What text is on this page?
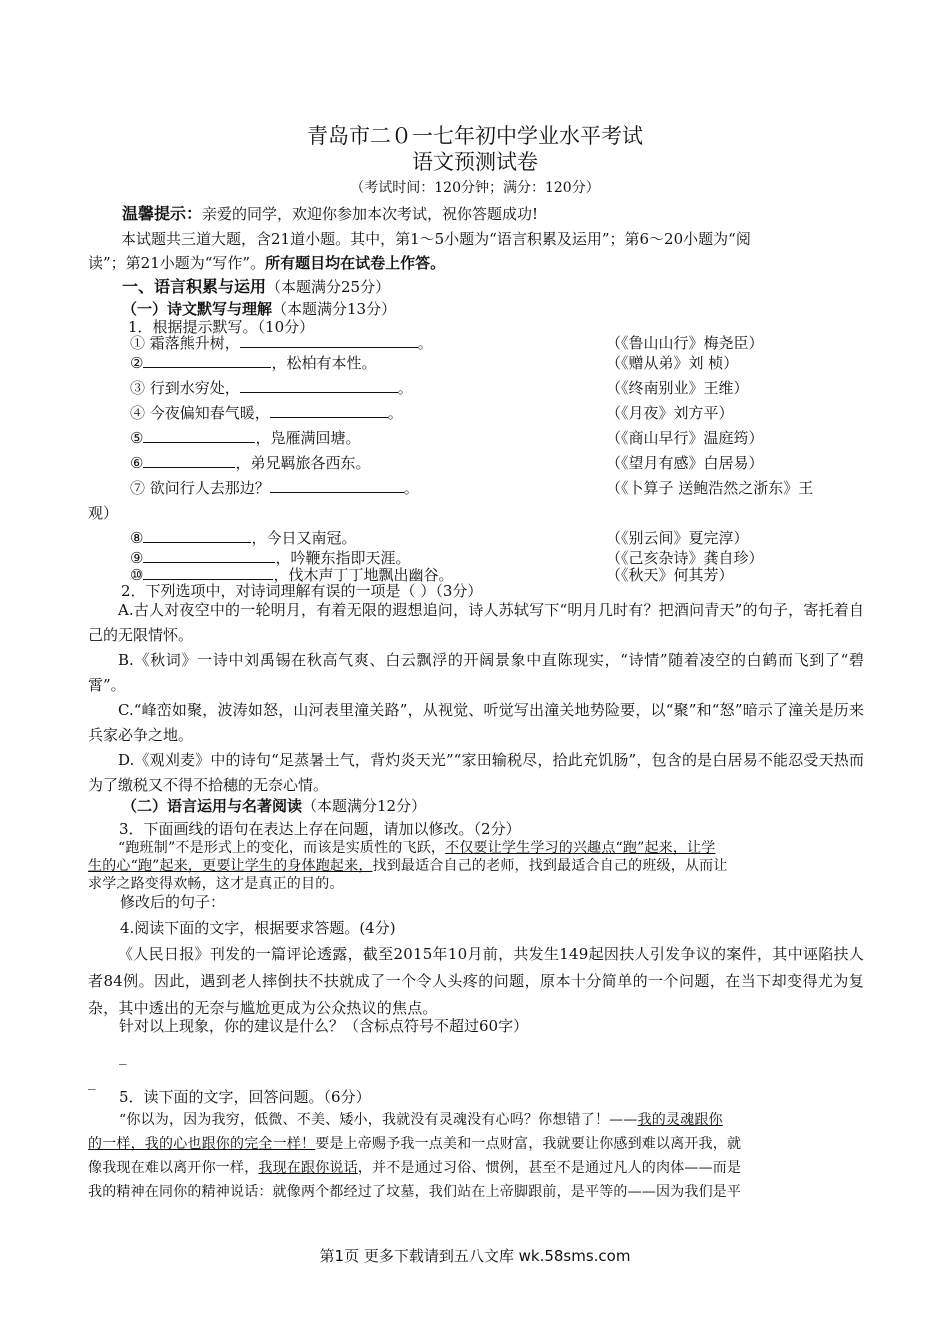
青岛市二０一七年初中学业水平考试
语文预测试卷
（考试时间：120分钟；满分：120分）
温馨提示：亲爱的同学，欢迎你参加本次考试，祝你答题成功!
本试题共三道大题，含21道小题。其中，第1～5小题为“语言积累及运用”；第6～20小题为“阅
读”；第21小题为“写作”。所有题目均在试卷上作答。
一、语言积累与运用（本题满分25分）
（一）诗文默写与理解（本题满分13分）
1．根据提示默写。（10分）
① 霜落熊升树，	。	（《鲁山山行》梅尧臣）
②	，松柏有本性。	（《赠从弟》刘 桢）
③ 行到水穷处，	。	（《终南别业》王维）
④ 今夜偏知春气暖，	。	（《月夜》刘方平）
⑤	，凫雁满回塘。	（《商山早行》温庭筠）
⑥	，弟兄羁旅各西东。	（《望月有感》白居易）
⑦ 欲问行人去那边？	。	（《卜算子 送鲍浩然之浙东》王
观）
⑧	，今日又南冠。	（《别云间》夏完淳）
⑨	，吟鞭东指即天涯。	（《己亥杂诗》龚自珍）
⑩	，伐木声丁丁地飘出幽谷。	（《秋天》何其芳）
2．下列选项中，对诗词理解有误的一项是（ ）（3分）

A.古人对夜空中的一轮明月，有着无限的遐想追问，诗人苏轼写下“明月几时有？把酒问青天”的句子，寄托着自己的无限情怀。

B.《秋词》一诗中刘禹锡在秋高气爽、白云飘浮的开阔景象中直陈现实，“诗情”随着凌空的白鹤而飞到了“碧霄”。

C.“峰峦如聚，波涛如怒，山河表里潼关路”，从视觉、听觉写出潼关地势险要，以“聚”和“怒”暗示了潼关是历来兵家必争之地。

D.《观刈麦》中的诗句“足蒸暑土气，背灼炎天光”“家田输税尽，拾此充饥肠”，包含的是白居易不能忍受天热而为了缴税又不得不拾穗的无奈心情。

（二）语言运用与名著阅读（本题满分12分）
3．下面画线的语句在表达上存在问题，请加以修改。（2分）
“跑班制”不是形式上的变化，而该是实质性的飞跃，不仅要让学生学习的兴趣点“跑”起来，让学
生的心“跑”起来，更要让学生的身体跑起来，找到最适合自己的老师，找到最适合自己的班级，从而让
求学之路变得欢畅，这才是真正的目的。
修改后的句子：
4.阅读下面的文字，根据要求答题。(4分)

《人民日报》刊发的一篇评论透露，截至2015年10月前，共发生149起因扶人引发争议的案件，其中诬陷扶人者84例。因此，遇到老人摔倒扶不扶就成了一个令人头疼的问题，原本十分简单的一个问题，在当下却变得尤为复杂，其中透出的无奈与尴尬更成为公众热议的焦点。

针对以上现象，你的建议是什么？（含标点符号不超过60字）
_
_
5．读下面的文字，回答问题。（6分）
“你以为，因为我穷，低微、不美、矮小，我就没有灵魂没有心吗？你想错了！——我的灵魂跟你
的一样，我的心也跟你的完全一样！要是上帝赐予我一点美和一点财富，我就要让你感到难以离开我，就
像我现在难以离开你一样，我现在跟你说话，并不是通过习俗、惯例，甚至不是通过凡人的肉体——而是
我的精神在同你的精神说话：就像两个都经过了坟墓，我们站在上帝脚跟前，是平等的——因为我们是平
第1页 更多下载请到五八文库 wk.58sms.com
